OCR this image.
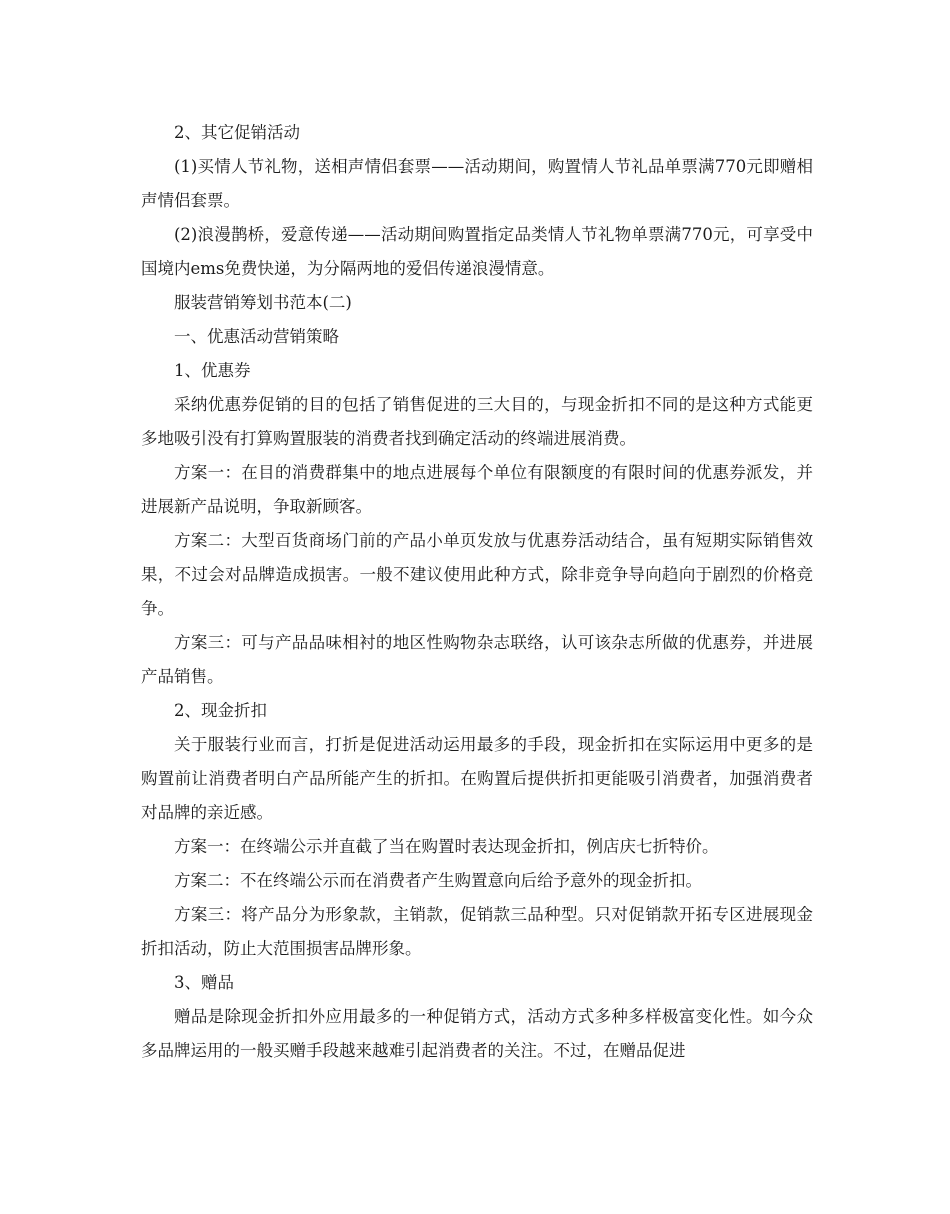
2、其它促销活动

(1)买情人节礼物，送相声情侣套票——活动期间，购置情人节礼品单票满770元即赠相声情侣套票。

(2)浪漫鹊桥，爱意传递——活动期间购置指定品类情人节礼物单票满770元，可享受中国境内ems免费快递，为分隔两地的爱侣传递浪漫情意。

服装营销筹划书范本(二)

一、优惠活动营销策略

1、优惠券

采纳优惠券促销的目的包括了销售促进的三大目的，与现金折扣不同的是这种方式能更多地吸引没有打算购置服装的消费者找到确定活动的终端进展消费。

方案一：在目的消费群集中的地点进展每个单位有限额度的有限时间的优惠券派发，并进展新产品说明，争取新顾客。

方案二：大型百货商场门前的产品小单页发放与优惠券活动结合，虽有短期实际销售效果，不过会对品牌造成损害。一般不建议使用此种方式，除非竞争导向趋向于剧烈的价格竞争。

方案三：可与产品品味相衬的地区性购物杂志联络，认可该杂志所做的优惠券，并进展产品销售。

2、现金折扣

关于服装行业而言，打折是促进活动运用最多的手段，现金折扣在实际运用中更多的是购置前让消费者明白产品所能产生的折扣。在购置后提供折扣更能吸引消费者，加强消费者对品牌的亲近感。

方案一：在终端公示并直截了当在购置时表达现金折扣，例店庆七折特价。

方案二：不在终端公示而在消费者产生购置意向后给予意外的现金折扣。

方案三：将产品分为形象款，主销款，促销款三品种型。只对促销款开拓专区进展现金折扣活动，防止大范围损害品牌形象。

3、赠品

赠品是除现金折扣外应用最多的一种促销方式，活动方式多种多样极富变化性。如今众多品牌运用的一般买赠手段越来越难引起消费者的关注。不过，在赠品促进
